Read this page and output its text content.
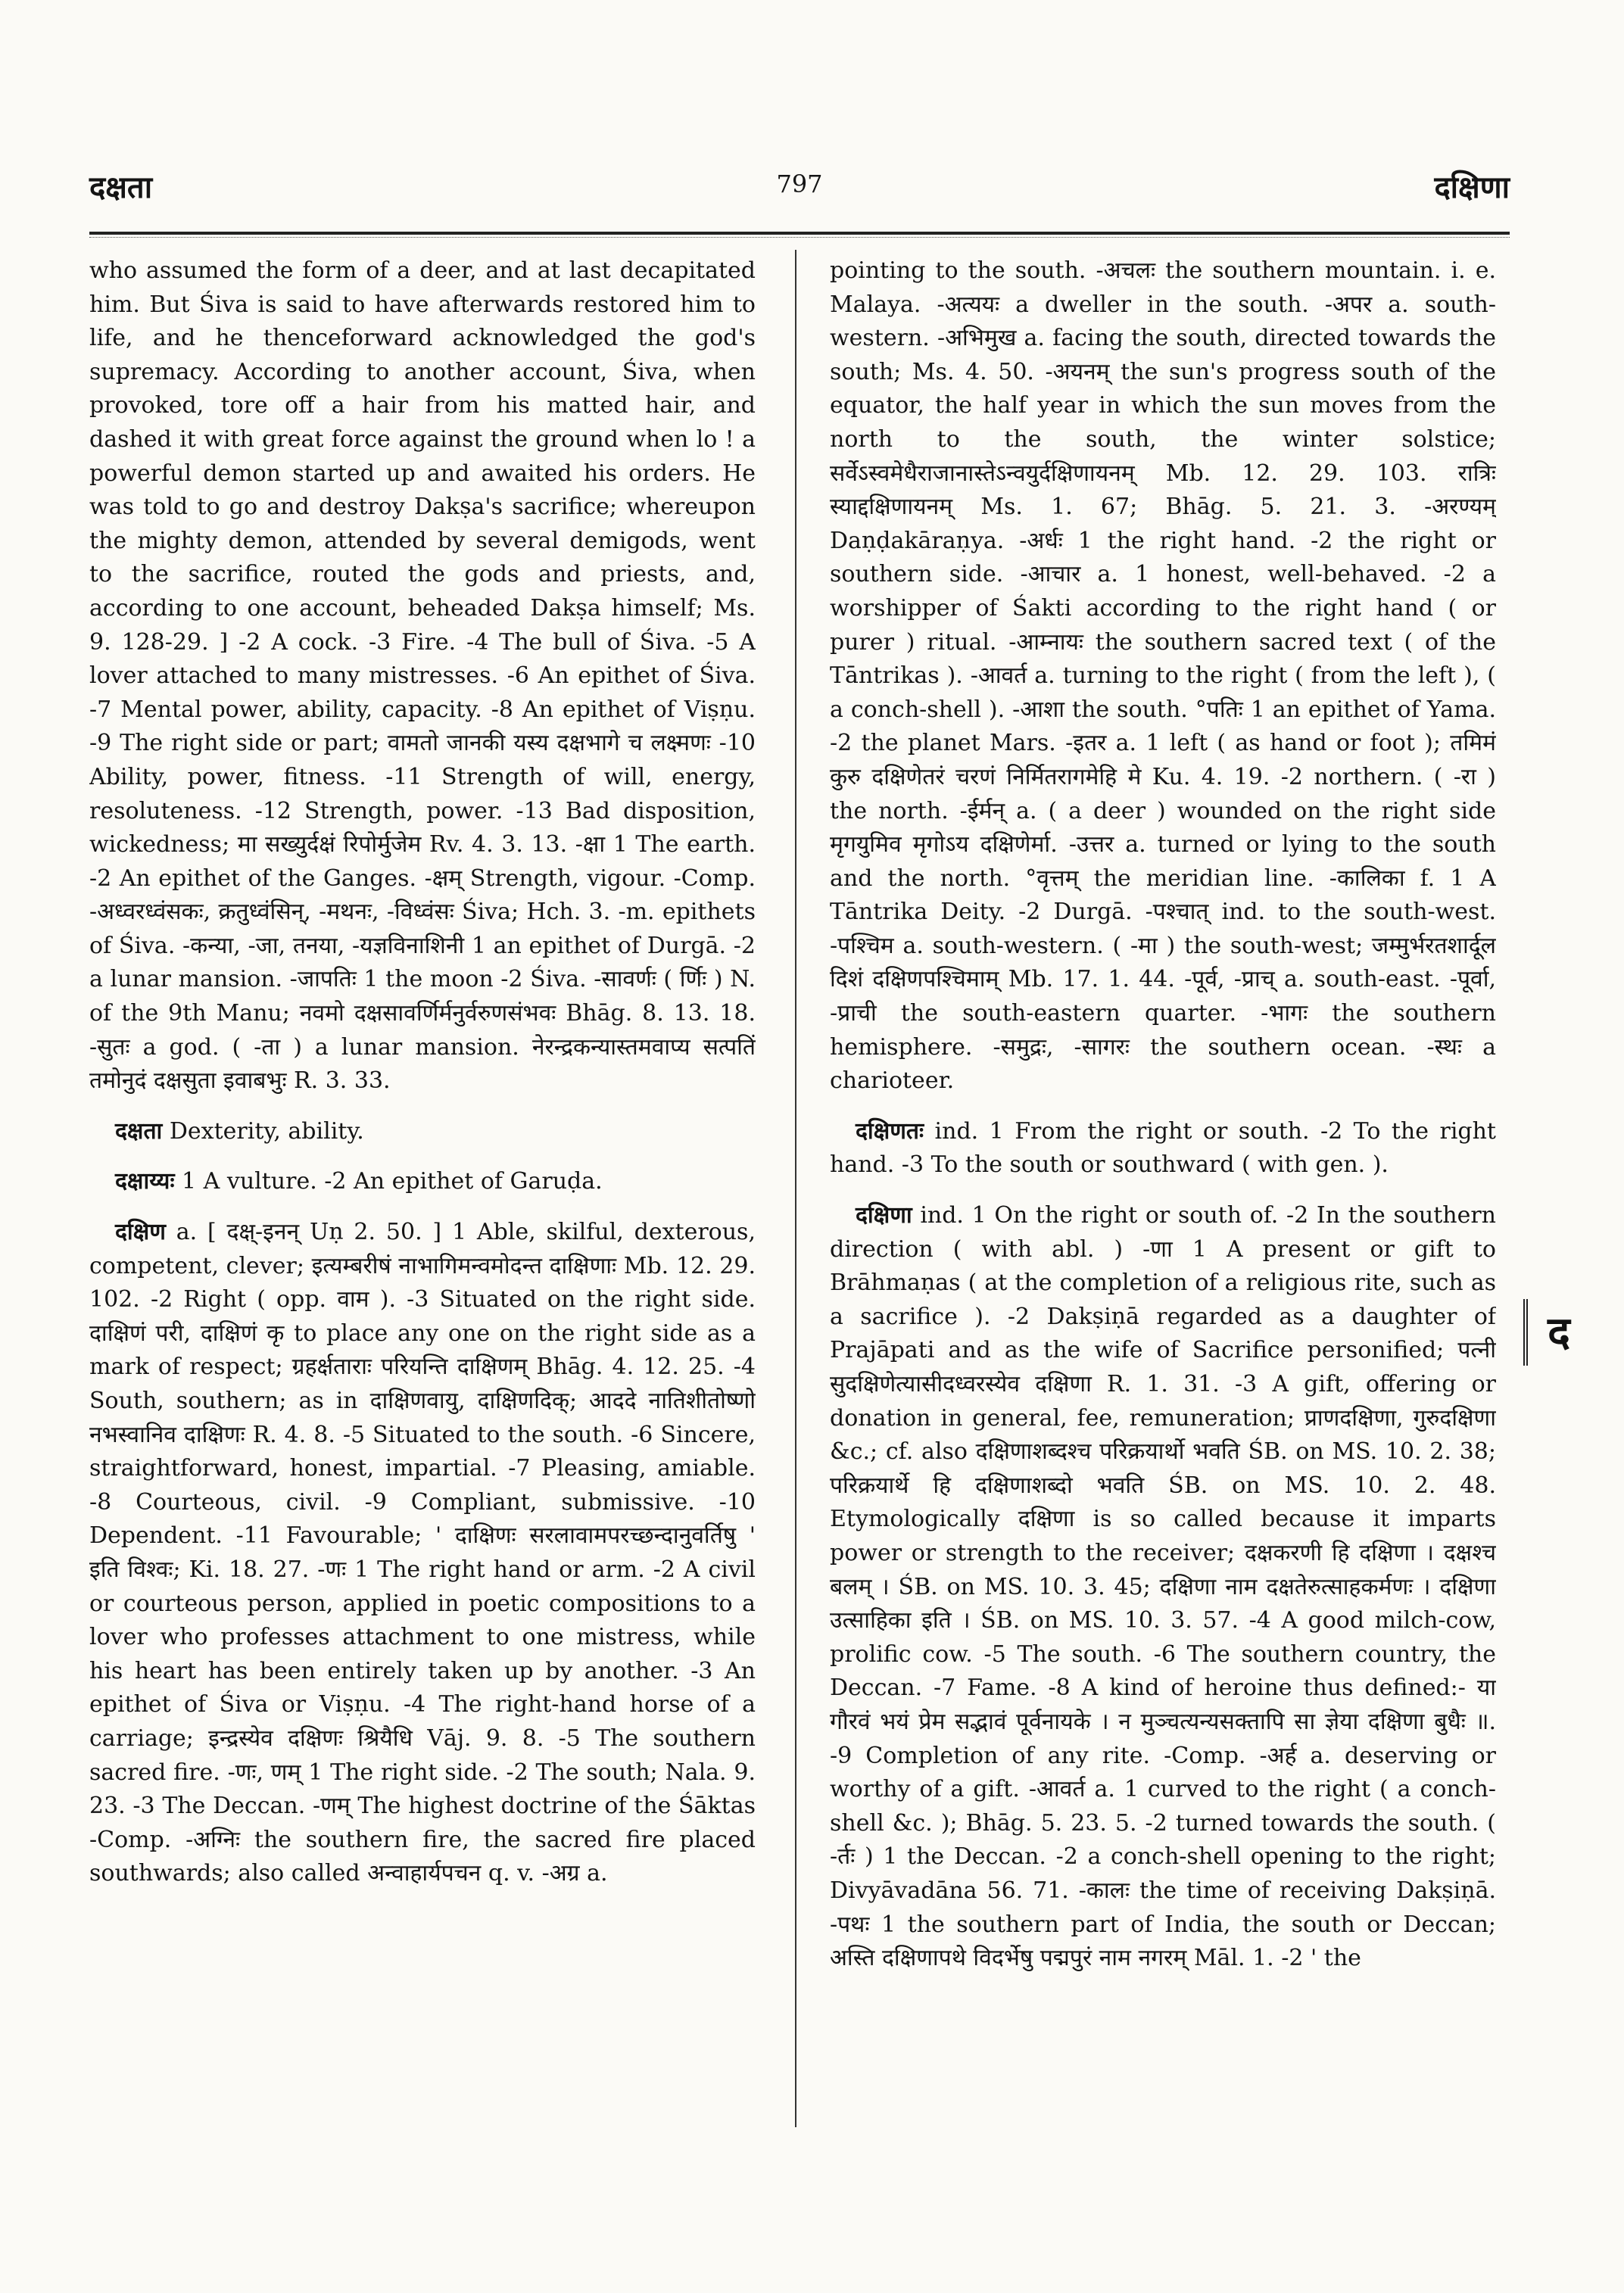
दक्षता	797	दक्षिणा

who assumed the form of a deer, and at last decapitated him. But Śiva is said to have afterwards restored him to life, and he thenceforward acknowledged the god's supremacy. According to another account, Śiva, when provoked, tore off a hair from his matted hair, and dashed it with great force against the ground when lo ! a powerful demon started up and awaited his orders. He was told to go and destroy Dakṣa's sacrifice; whereupon the mighty demon, attended by several demigods, went to the sacrifice, routed the gods and priests, and, according to one account, beheaded Dakṣa himself; Ms. 9. 128-29. ] -2 A cock. -3 Fire. -4 The bull of Śiva. -5 A lover attached to many mistresses. -6 An epithet of Śiva. -7 Mental power, ability, capacity. -8 An epithet of Viṣṇu. -9 The right side or part; वामतो जानकी यस्य दक्षभागे च लक्ष्मणः -10 Ability, power, fitness. -11 Strength of will, energy, resoluteness. -12 Strength, power. -13 Bad disposition, wickedness; मा सख्युर्दक्षं रिपोर्मुजेम Rv. 4. 3. 13. -क्षा 1 The earth. -2 An epithet of the Ganges. -क्षम् Strength, vigour. -Comp. -अध्वरध्वंसकः, क्रतुध्वंसिन्, -मथनः, -विध्वंसः Śiva; Hch. 3. -m. epithets of Śiva. -कन्या, -जा, तनया, -यज्ञविनाशिनी 1 an epithet of Durgā. -2 a lunar mansion. -जापतिः 1 the moon -2 Śiva. -सावर्णः ( र्णिः ) N. of the 9th Manu; नवमो दक्षसावर्णिर्मनुर्वरुणसंभवः Bhāg. 8. 13. 18. -सुतः a god. ( -ता ) a lunar mansion. नेरन्द्रकन्यास्तमवाप्य सत्पतिं तमोनुदं दक्षसुता इवाबभुः R. 3. 33.

दक्षता Dexterity, ability.

दक्षाय्यः 1 A vulture. -2 An epithet of Garuḍa.

दक्षिण a. [ दक्ष्-इनन् Uṇ 2. 50. ] 1 Able, skilful, dexterous, competent, clever; इत्यम्बरीषं नाभागिमन्वमोदन्त दाक्षिणाः Mb. 12. 29. 102. -2 Right ( opp. वाम ). -3 Situated on the right side. दाक्षिणं परी, दाक्षिणं कृ to place any one on the right side as a mark of respect; ग्रहर्क्षताराः परियन्ति दाक्षिणम् Bhāg. 4. 12. 25. -4 South, southern; as in दाक्षिणवायु, दाक्षिणदिक्; आददे नातिशीतोष्णो नभस्वानिव दाक्षिणः R. 4. 8. -5 Situated to the south. -6 Sincere, straightforward, honest, impartial. -7 Pleasing, amiable. -8 Courteous, civil. -9 Compliant, submissive. -10 Dependent. -11 Favourable; ' दाक्षिणः सरलावामपरच्छन्दानुवर्तिषु ' इति विश्वः; Ki. 18. 27. -णः 1 The right hand or arm. -2 A civil or courteous person, applied in poetic compositions to a lover who professes attachment to one mistress, while his heart has been entirely taken up by another. -3 An epithet of Śiva or Viṣṇu. -4 The right-hand horse of a carriage; इन्द्रस्येव दक्षिणः श्रियैधि Vāj. 9. 8. -5 The southern sacred fire. -णः, णम् 1 The right side. -2 The south; Nala. 9. 23. -3 The Deccan. -णम् The highest doctrine of the Śāktas -Comp. -अग्निः the southern fire, the sacred fire placed southwards; also called अन्वाहार्यपचन q. v. -अग्र a.

pointing to the south. -अचलः the southern mountain. i. e. Malaya. -अत्ययः a dweller in the south. -अपर a. south-western. -अभिमुख a. facing the south, directed towards the south; Ms. 4. 50. -अयनम् the sun's progress south of the equator, the half year in which the sun moves from the north to the south, the winter solstice; सर्वेऽस्वमेधैराजानास्तेऽन्वयुर्दक्षिणायनम् Mb. 12. 29. 103. रात्रिः स्याद्दक्षिणायनम् Ms. 1. 67; Bhāg. 5. 21. 3. -अरण्यम् Daṇḍakāraṇya. -अर्धः 1 the right hand. -2 the right or southern side. -आचार a. 1 honest, well-behaved. -2 a worshipper of Śakti according to the right hand ( or purer ) ritual. -आम्नायः the southern sacred text ( of the Tāntrikas ). -आवर्त a. turning to the right ( from the left ), ( a conch-shell ). -आशा the south. °पतिः 1 an epithet of Yama. -2 the planet Mars. -इतर a. 1 left ( as hand or foot ); तमिमं कुरु दक्षिणेतरं चरणं निर्मितरागमेहि मे Ku. 4. 19. -2 northern. ( -रा ) the north. -ईर्मन् a. ( a deer ) wounded on the right side मृगयुमिव मृगोऽय दक्षिणेर्मा. -उत्तर a. turned or lying to the south and the north. °वृत्तम् the meridian line. -कालिका f. 1 A Tāntrika Deity. -2 Durgā. -पश्चात् ind. to the south-west. -पश्चिम a. south-western. ( -मा ) the south-west; जम्मुर्भरतशार्दूल दिशं दक्षिणपश्चिमाम् Mb. 17. 1. 44. -पूर्व, -प्राच् a. south-east. -पूर्वा, -प्राची the south-eastern quarter. -भागः the southern hemisphere. -समुद्रः, -सागरः the southern ocean. -स्थः a charioteer.

दक्षिणतः ind. 1 From the right or south. -2 To the right hand. -3 To the south or southward ( with gen. ).

दक्षिणा ind. 1 On the right or south of. -2 In the southern direction ( with abl. ) -णा 1 A present or gift to Brāhmaṇas ( at the completion of a religious rite, such as a sacrifice ). -2 Dakṣiṇā regarded as a daughter of Prajāpati and as the wife of Sacrifice personified; पत्नी सुदक्षिणेत्यासीदध्वरस्येव दक्षिणा R. 1. 31. -3 A gift, offering or donation in general, fee, remuneration; प्राणदक्षिणा, गुरुदक्षिणा &c.; cf. also दक्षिणाशब्दश्च परिक्रयार्थो भवति ŚB. on MS. 10. 2. 38; परिक्रयार्थे हि दक्षिणाशब्दो भवति ŚB. on MS. 10. 2. 48. Etymologically दक्षिणा is so called because it imparts power or strength to the receiver; दक्षकरणी हि दक्षिणा । दक्षश्च बलम् । ŚB. on MS. 10. 3. 45; दक्षिणा नाम दक्षतेरुत्साहकर्मणः । दक्षिणा उत्साहिका इति । ŚB. on MS. 10. 3. 57. -4 A good milch-cow, prolific cow. -5 The south. -6 The southern country, the Deccan. -7 Fame. -8 A kind of heroine thus defined:- या गौरवं भयं प्रेम सद्भावं पूर्वनायके । न मुञ्चत्यन्यसक्तापि सा ज्ञेया दक्षिणा बुधैः ॥. -9 Completion of any rite. -Comp. -अर्ह a. deserving or worthy of a gift. -आवर्त a. 1 curved to the right ( a conch-shell &c. ); Bhāg. 5. 23. 5. -2 turned towards the south. ( -र्तः ) 1 the Deccan. -2 a conch-shell opening to the right; Divyāvadāna 56. 71. -कालः the time of receiving Dakṣiṇā. -पथः 1 the southern part of India, the south or Deccan; अस्ति दक्षिणापथे विदर्भेषु पद्मपुरं नाम नगरम् Māl. 1. -2 ' the

द
